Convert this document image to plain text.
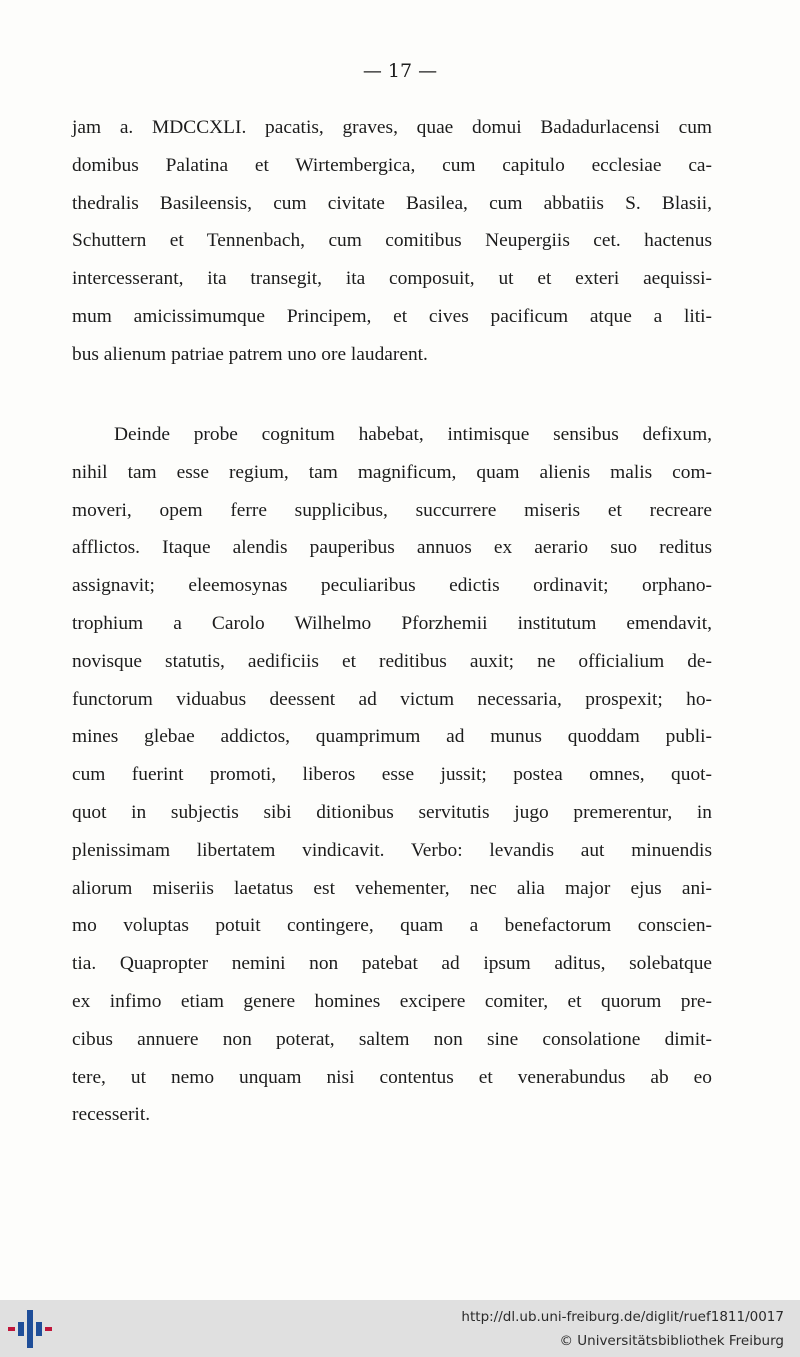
— 17 —
jam a. MDCCXLI. pacatis, graves, quae domui Badadurlacensi cum
domibus Palatina et Wirtembergica, cum capitulo ecclesiae ca-
thedralis Basileensis, cum civitate Basilea, cum abbatiis S. Blasii,
Schuttern et Tennenbach, cum comitibus Neupergiis cet. hactenus
intercesserant, ita transegit, ita composuit, ut et exteri aequissi-
mum amicissimumque Principem, et cives pacificum atque a liti-
bus alienum patriae patrem uno ore laudarent.
Deinde probe cognitum habebat, intimisque sensibus defixum,
nihil tam esse regium, tam magnificum, quam alienis malis com-
moveri, opem ferre supplicibus, succurrere miseris et recreare
afflictos. Itaque alendis pauperibus annuos ex aerario suo reditus
assignavit; eleemosynas peculiaribus edictis ordinavit; orphano-
trophium a Carolo Wilhelmo Pforzhemii institutum emendavit,
novisque statutis, aedificiis et reditibus auxit; ne officialium de-
functorum viduabus deessent ad victum necessaria, prospexit; ho-
mines glebae addictos, quamprimum ad munus quoddam publi-
cum fuerint promoti, liberos esse jussit; postea omnes, quot-
quot in subjectis sibi ditionibus servitutis jugo premerentur, in
plenissimam libertatem vindicavit. Verbo: levandis aut minuendis
aliorum miseriis laetatus est vehementer, nec alia major ejus ani-
mo voluptas potuit contingere, quam a benefactorum conscien-
tia. Quapropter nemini non patebat ad ipsum aditus, solebatque
ex infimo etiam genere homines excipere comiter, et quorum pre-
cibus annuere non poterat, saltem non sine consolatione dimit-
tere, ut nemo unquam nisi contentus et venerabundus ab eo
recesserit.
http://dl.ub.uni-freiburg.de/diglit/ruef1811/0017
© Universitätsbibliothek Freiburg
